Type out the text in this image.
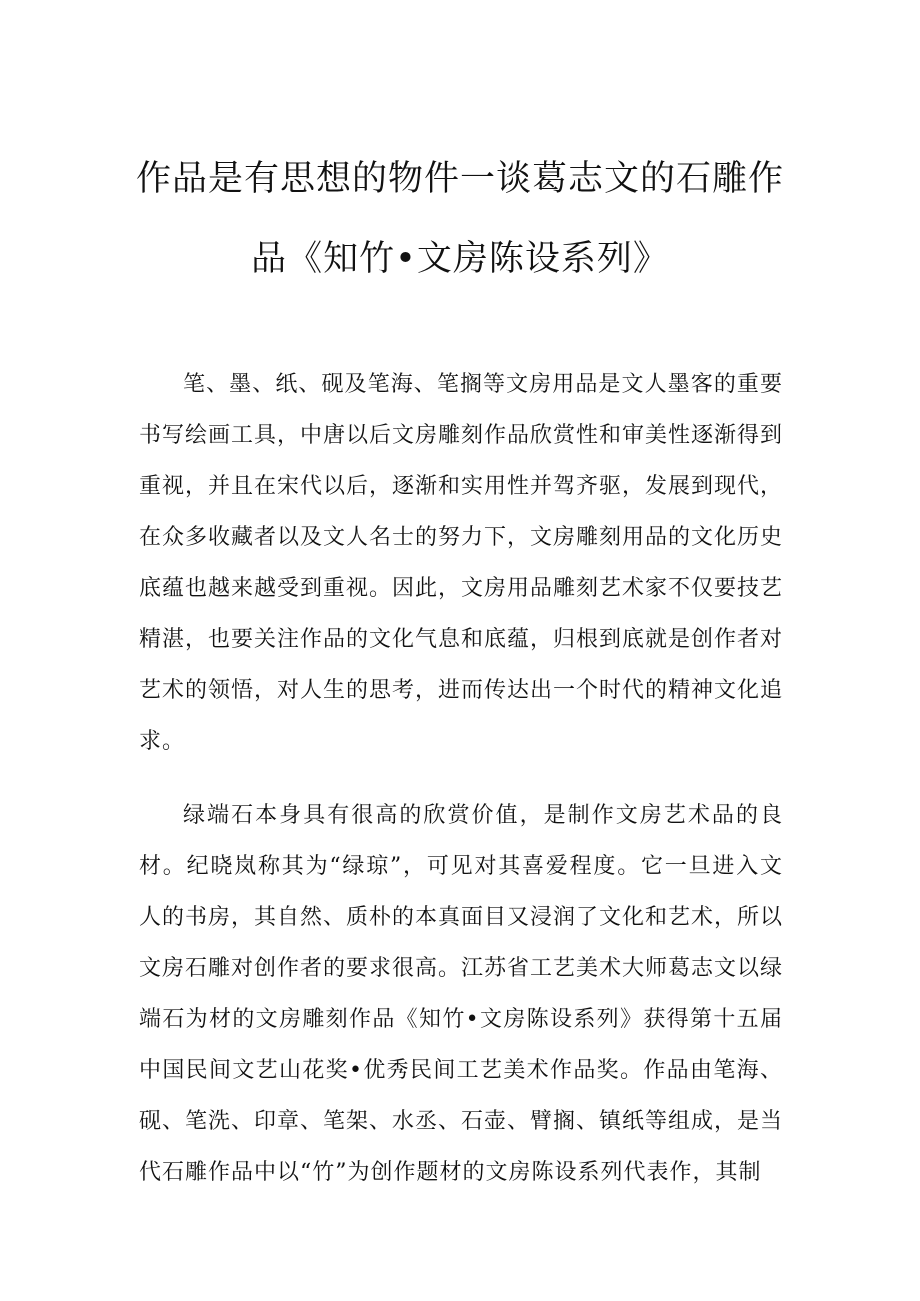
作品是有思想的物件一谈葛志文的石雕作
品《知竹•文房陈设系列》

笔、墨、纸、砚及笔海、笔搁等文房用品是文人墨客的重要书写绘画工具，中唐以后文房雕刻作品欣赏性和审美性逐渐得到重视，并且在宋代以后，逐渐和实用性并驾齐驱，发展到现代，在众多收藏者以及文人名士的努力下，文房雕刻用品的文化历史底蕴也越来越受到重视。因此，文房用品雕刻艺术家不仅要技艺精湛，也要关注作品的文化气息和底蕴，归根到底就是创作者对艺术的领悟，对人生的思考，进而传达出一个时代的精神文化追求。

绿端石本身具有很高的欣赏价值，是制作文房艺术品的良材。纪晓岚称其为“绿琼”，可见对其喜爱程度。它一旦进入文人的书房，其自然、质朴的本真面目又浸润了文化和艺术，所以文房石雕对创作者的要求很高。江苏省工艺美术大师葛志文以绿端石为材的文房雕刻作品《知竹•文房陈设系列》获得第十五届中国民间文艺山花奖•优秀民间工艺美术作品奖。作品由笔海、砚、笔洗、印章、笔架、水丞、石壶、臂搁、镇纸等组成，是当代石雕作品中以“竹”为创作题材的文房陈设系列代表作，其制
